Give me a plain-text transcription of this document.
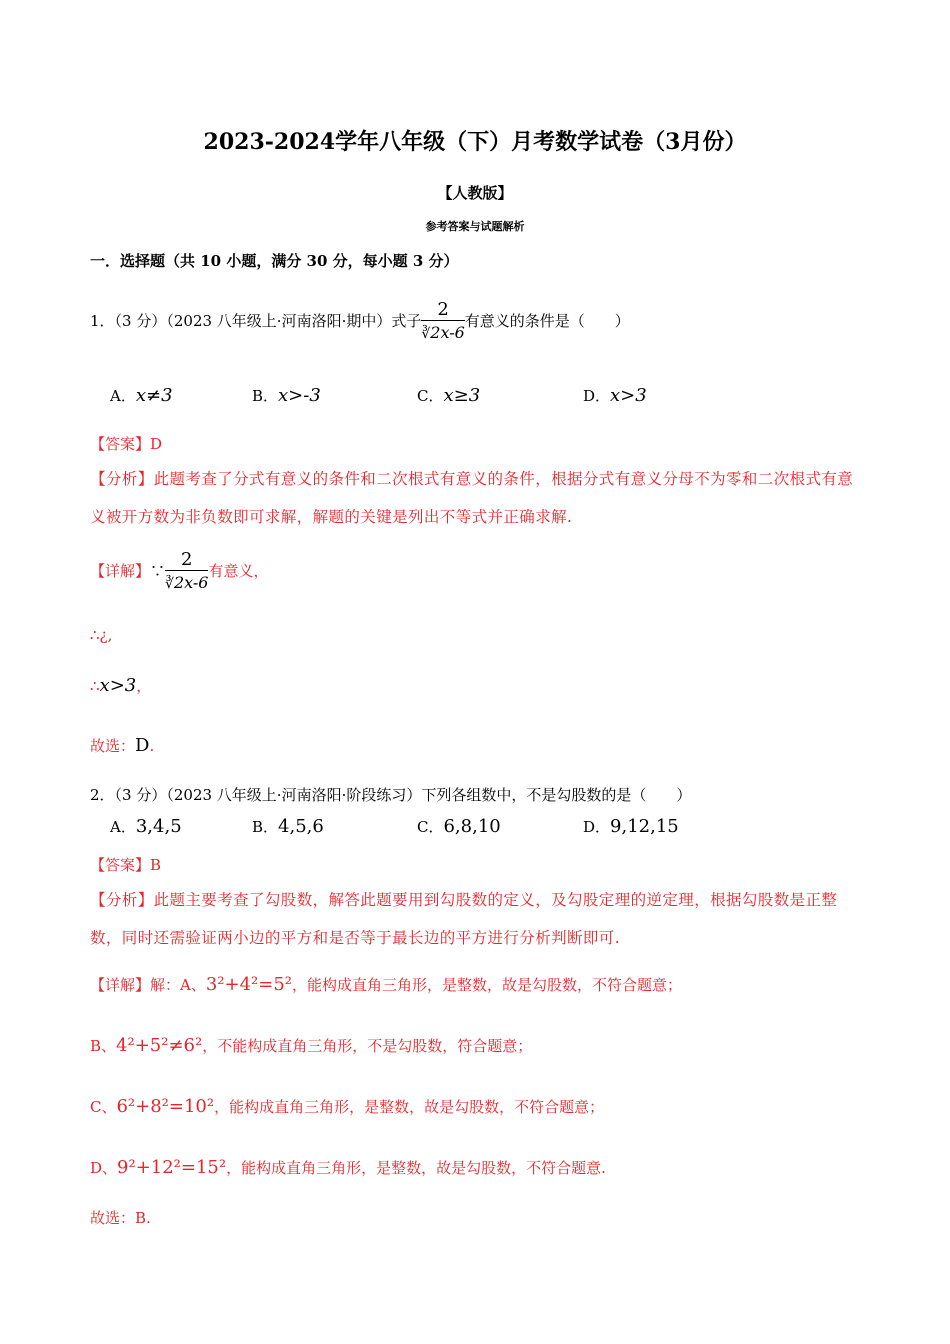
2023-2024学年八年级（下）月考数学试卷（3月份）
【人教版】
参考答案与试题解析
一．选择题（共 10 小题，满分 30 分，每小题 3 分）
1．（3 分）（2023 八年级上·河南洛阳·期中）式子 $\frac{2}{∛2x-6}$ 有意义的条件是（　　）
A．x≠3	B．x>-3	C．x≥3	D．x>3
【答案】D
【分析】此题考查了分式有意义的条件和二次根式有意义的条件，根据分式有意义分母不为零和二次根式有意义被开方数为非负数即可求解，解题的关键是列出不等式并正确求解.
【详解】∵ $\frac{2}{∛2x-6}$ 有意义，
∴¿,
∴x>3，
故选：D.
2．（3 分）（2023 八年级上·河南洛阳·阶段练习）下列各组数中，不是勾股数的是（　　）
A．3,4,5	B．4,5,6	C．6,8,10	D．9,12,15
【答案】B
【分析】此题主要考查了勾股数，解答此题要用到勾股数的定义，及勾股定理的逆定理，根据勾股数是正整数，同时还需验证两小边的平方和是否等于最长边的平方进行分析判断即可.
【详解】解：A、3²+4²=5²，能构成直角三角形，是整数，故是勾股数，不符合题意；
B、4²+5²≠6²，不能构成直角三角形，不是勾股数，符合题意；
C、6²+8²=10²，能构成直角三角形，是整数，故是勾股数，不符合题意；
D、9²+12²=15²，能构成直角三角形，是整数，故是勾股数，不符合题意.
故选：B.
